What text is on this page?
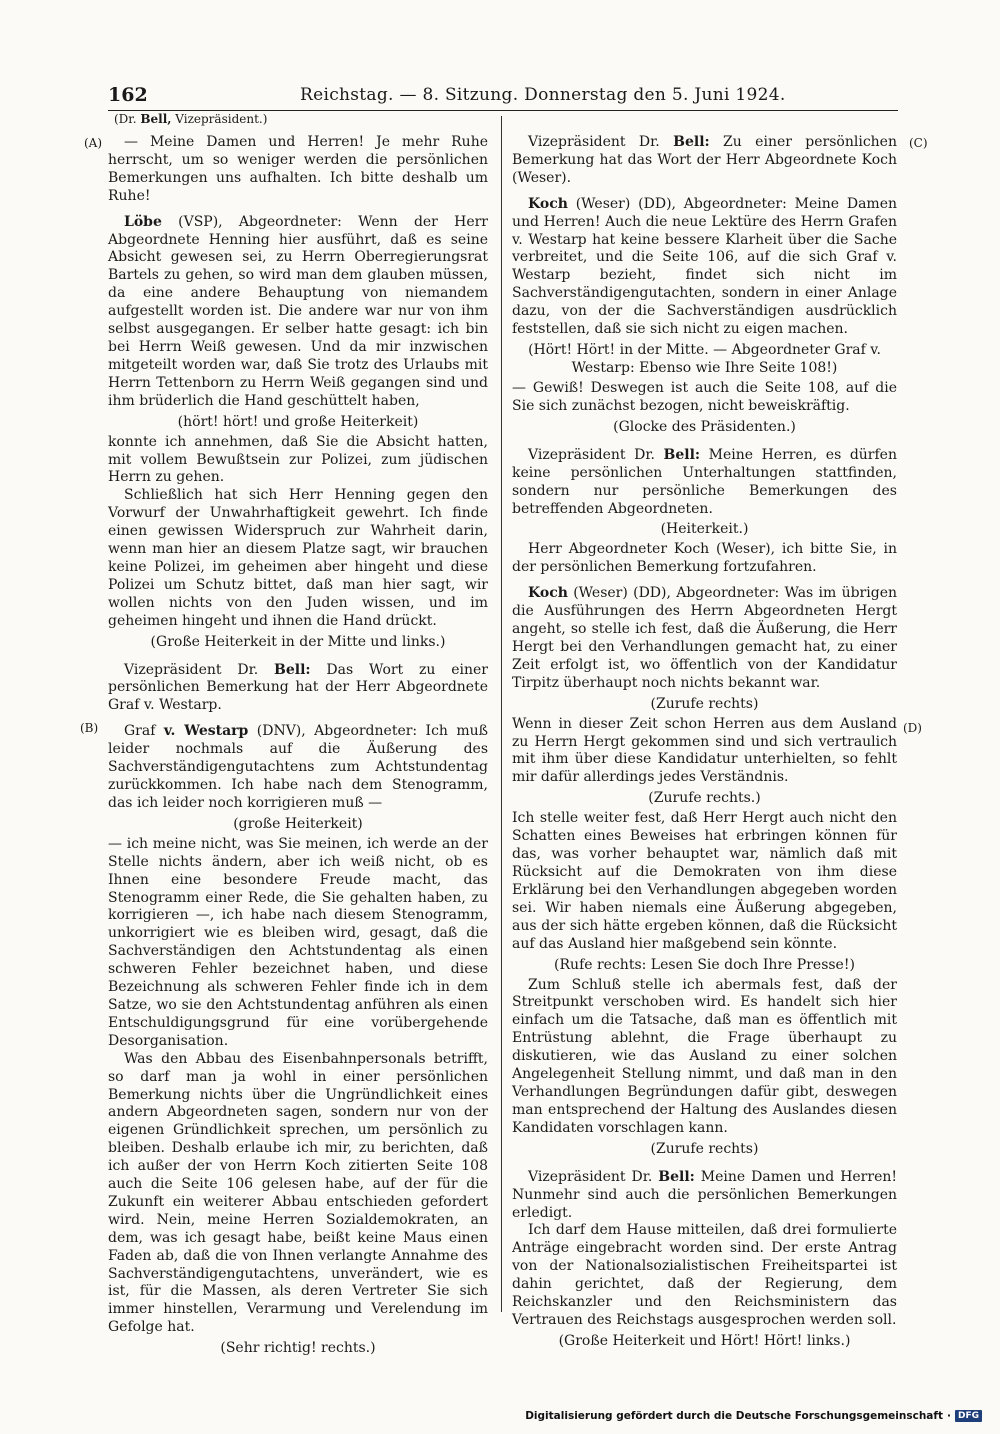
162	Reichstag. — 8. Sitzung. Donnerstag den 5. Juni 1924.
(Dr. Bell, Vizepräsident.)
(A)
(B)
(C)
(D)

— Meine Damen und Herren! Je mehr Ruhe herrscht, um so weniger werden die persönlichen Bemerkungen uns aufhalten. Ich bitte deshalb um Ruhe!

Löbe (VSP), Abgeordneter: Wenn der Herr Abgeordnete Henning hier ausführt, daß es seine Absicht gewesen sei, zu Herrn Oberregierungsrat Bartels zu gehen, so wird man dem glauben müssen, da eine andere Behauptung von niemandem aufgestellt worden ist. Die andere war nur von ihm selbst ausgegangen. Er selber hatte gesagt: ich bin bei Herrn Weiß gewesen. Und da mir inzwischen mitgeteilt worden war, daß Sie trotz des Urlaubs mit Herrn Tettenborn zu Herrn Weiß gegangen sind und ihm brüderlich die Hand geschüttelt haben,

(hört! hört! und große Heiterkeit)

konnte ich annehmen, daß Sie die Absicht hatten, mit vollem Bewußtsein zur Polizei, zum jüdischen Herrn zu gehen.

Schließlich hat sich Herr Henning gegen den Vorwurf der Unwahrhaftigkeit gewehrt. Ich finde einen gewissen Widerspruch zur Wahrheit darin, wenn man hier an diesem Platze sagt, wir brauchen keine Polizei, im geheimen aber hingeht und diese Polizei um Schutz bittet, daß man hier sagt, wir wollen nichts von den Juden wissen, und im geheimen hingeht und ihnen die Hand drückt.

(Große Heiterkeit in der Mitte und links.)

Vizepräsident Dr. Bell: Das Wort zu einer persönlichen Bemerkung hat der Herr Abgeordnete Graf v. Westarp.

Graf v. Westarp (DNV), Abgeordneter: Ich muß leider nochmals auf die Äußerung des Sachverständigengutachtens zum Achtstundentag zurückkommen. Ich habe nach dem Stenogramm, das ich leider noch korrigieren muß —

(große Heiterkeit)

— ich meine nicht, was Sie meinen, ich werde an der Stelle nichts ändern, aber ich weiß nicht, ob es Ihnen eine besondere Freude macht, das Stenogramm einer Rede, die Sie gehalten haben, zu korrigieren —, ich habe nach diesem Stenogramm, unkorrigiert wie es bleiben wird, gesagt, daß die Sachverständigen den Achtstundentag als einen schweren Fehler bezeichnet haben, und diese Bezeichnung als schweren Fehler finde ich in dem Satze, wo sie den Achtstundentag anführen als einen Entschuldigungsgrund für eine vorübergehende Desorganisation.

Was den Abbau des Eisenbahnpersonals betrifft, so darf man ja wohl in einer persönlichen Bemerkung nichts über die Ungründlichkeit eines andern Abgeordneten sagen, sondern nur von der eigenen Gründlichkeit sprechen, um persönlich zu bleiben. Deshalb erlaube ich mir, zu berichten, daß ich außer der von Herrn Koch zitierten Seite 108 auch die Seite 106 gelesen habe, auf der für die Zukunft ein weiterer Abbau entschieden gefordert wird. Nein, meine Herren Sozialdemokraten, an dem, was ich gesagt habe, beißt keine Maus einen Faden ab, daß die von Ihnen verlangte Annahme des Sachverständigengutachtens, unverändert, wie es ist, für die Massen, als deren Vertreter Sie sich immer hinstellen, Verarmung und Verelendung im Gefolge hat.

(Sehr richtig! rechts.)

Vizepräsident Dr. Bell: Zu einer persönlichen Bemerkung hat das Wort der Herr Abgeordnete Koch (Weser).

Koch (Weser) (DD), Abgeordneter: Meine Damen und Herren! Auch die neue Lektüre des Herrn Grafen v. Westarp hat keine bessere Klarheit über die Sache verbreitet, und die Seite 106, auf die sich Graf v. Westarp bezieht, findet sich nicht im Sachverständigengutachten, sondern in einer Anlage dazu, von der die Sachverständigen ausdrücklich feststellen, daß sie sich nicht zu eigen machen.

(Hört! Hört! in der Mitte. — Abgeordneter Graf v. Westarp: Ebenso wie Ihre Seite 108!)

— Gewiß! Deswegen ist auch die Seite 108, auf die Sie sich zunächst bezogen, nicht beweiskräftig.

(Glocke des Präsidenten.)

Vizepräsident Dr. Bell: Meine Herren, es dürfen keine persönlichen Unterhaltungen stattfinden, sondern nur persönliche Bemerkungen des betreffenden Abgeordneten.

(Heiterkeit.)

Herr Abgeordneter Koch (Weser), ich bitte Sie, in der persönlichen Bemerkung fortzufahren.

Koch (Weser) (DD), Abgeordneter: Was im übrigen die Ausführungen des Herrn Abgeordneten Hergt angeht, so stelle ich fest, daß die Äußerung, die Herr Hergt bei den Verhandlungen gemacht hat, zu einer Zeit erfolgt ist, wo öffentlich von der Kandidatur Tirpitz überhaupt noch nichts bekannt war.

(Zurufe rechts)

Wenn in dieser Zeit schon Herren aus dem Ausland zu Herrn Hergt gekommen sind und sich vertraulich mit ihm über diese Kandidatur unterhielten, so fehlt mir dafür allerdings jedes Verständnis.

(Zurufe rechts.)

Ich stelle weiter fest, daß Herr Hergt auch nicht den Schatten eines Beweises hat erbringen können für das, was vorher behauptet war, nämlich daß mit Rücksicht auf die Demokraten von ihm diese Erklärung bei den Verhandlungen abgegeben worden sei. Wir haben niemals eine Äußerung abgegeben, aus der sich hätte ergeben können, daß die Rücksicht auf das Ausland hier maßgebend sein könnte.

(Rufe rechts: Lesen Sie doch Ihre Presse!)

Zum Schluß stelle ich abermals fest, daß der Streitpunkt verschoben wird. Es handelt sich hier einfach um die Tatsache, daß man es öffentlich mit Entrüstung ablehnt, die Frage überhaupt zu diskutieren, wie das Ausland zu einer solchen Angelegenheit Stellung nimmt, und daß man in den Verhandlungen Begründungen dafür gibt, deswegen man entsprechend der Haltung des Auslandes diesen Kandidaten vorschlagen kann.

(Zurufe rechts)

Vizepräsident Dr. Bell: Meine Damen und Herren! Nunmehr sind auch die persönlichen Bemerkungen erledigt.

Ich darf dem Hause mitteilen, daß drei formulierte Anträge eingebracht worden sind. Der erste Antrag von der Nationalsozialistischen Freiheitspartei ist dahin gerichtet, daß der Regierung, dem Reichskanzler und den Reichsministern das Vertrauen des Reichstags ausgesprochen werden soll.

(Große Heiterkeit und Hört! Hört! links.)

Digitalisierung gefördert durch die Deutsche Forschungsgemeinschaft · DFG
